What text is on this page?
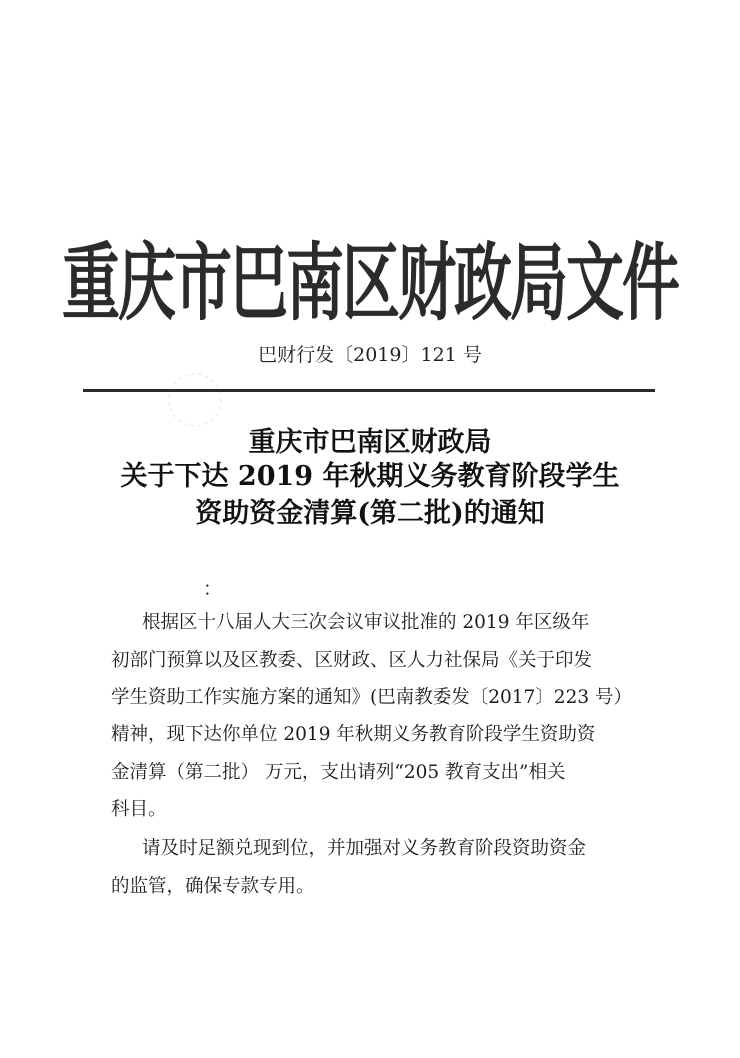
重庆市巴南区财政局文件
巴财行发〔2019〕121 号
重庆市巴南区财政局
关于下达 2019 年秋期义务教育阶段学生
资助资金清算(第二批)的通知
：
根据区十八届人大三次会议审议批准的 2019 年区级年
初部门预算以及区教委、区财政、区人力社保局《关于印发
学生资助工作实施方案的通知》(巴南教委发〔2017〕223 号）
精神，现下达你单位 2019 年秋期义务教育阶段学生资助资
金清算（第二批） 万元，支出请列“205 教育支出”相关
科目。
请及时足额兑现到位，并加强对义务教育阶段资助资金
的监管，确保专款专用。
